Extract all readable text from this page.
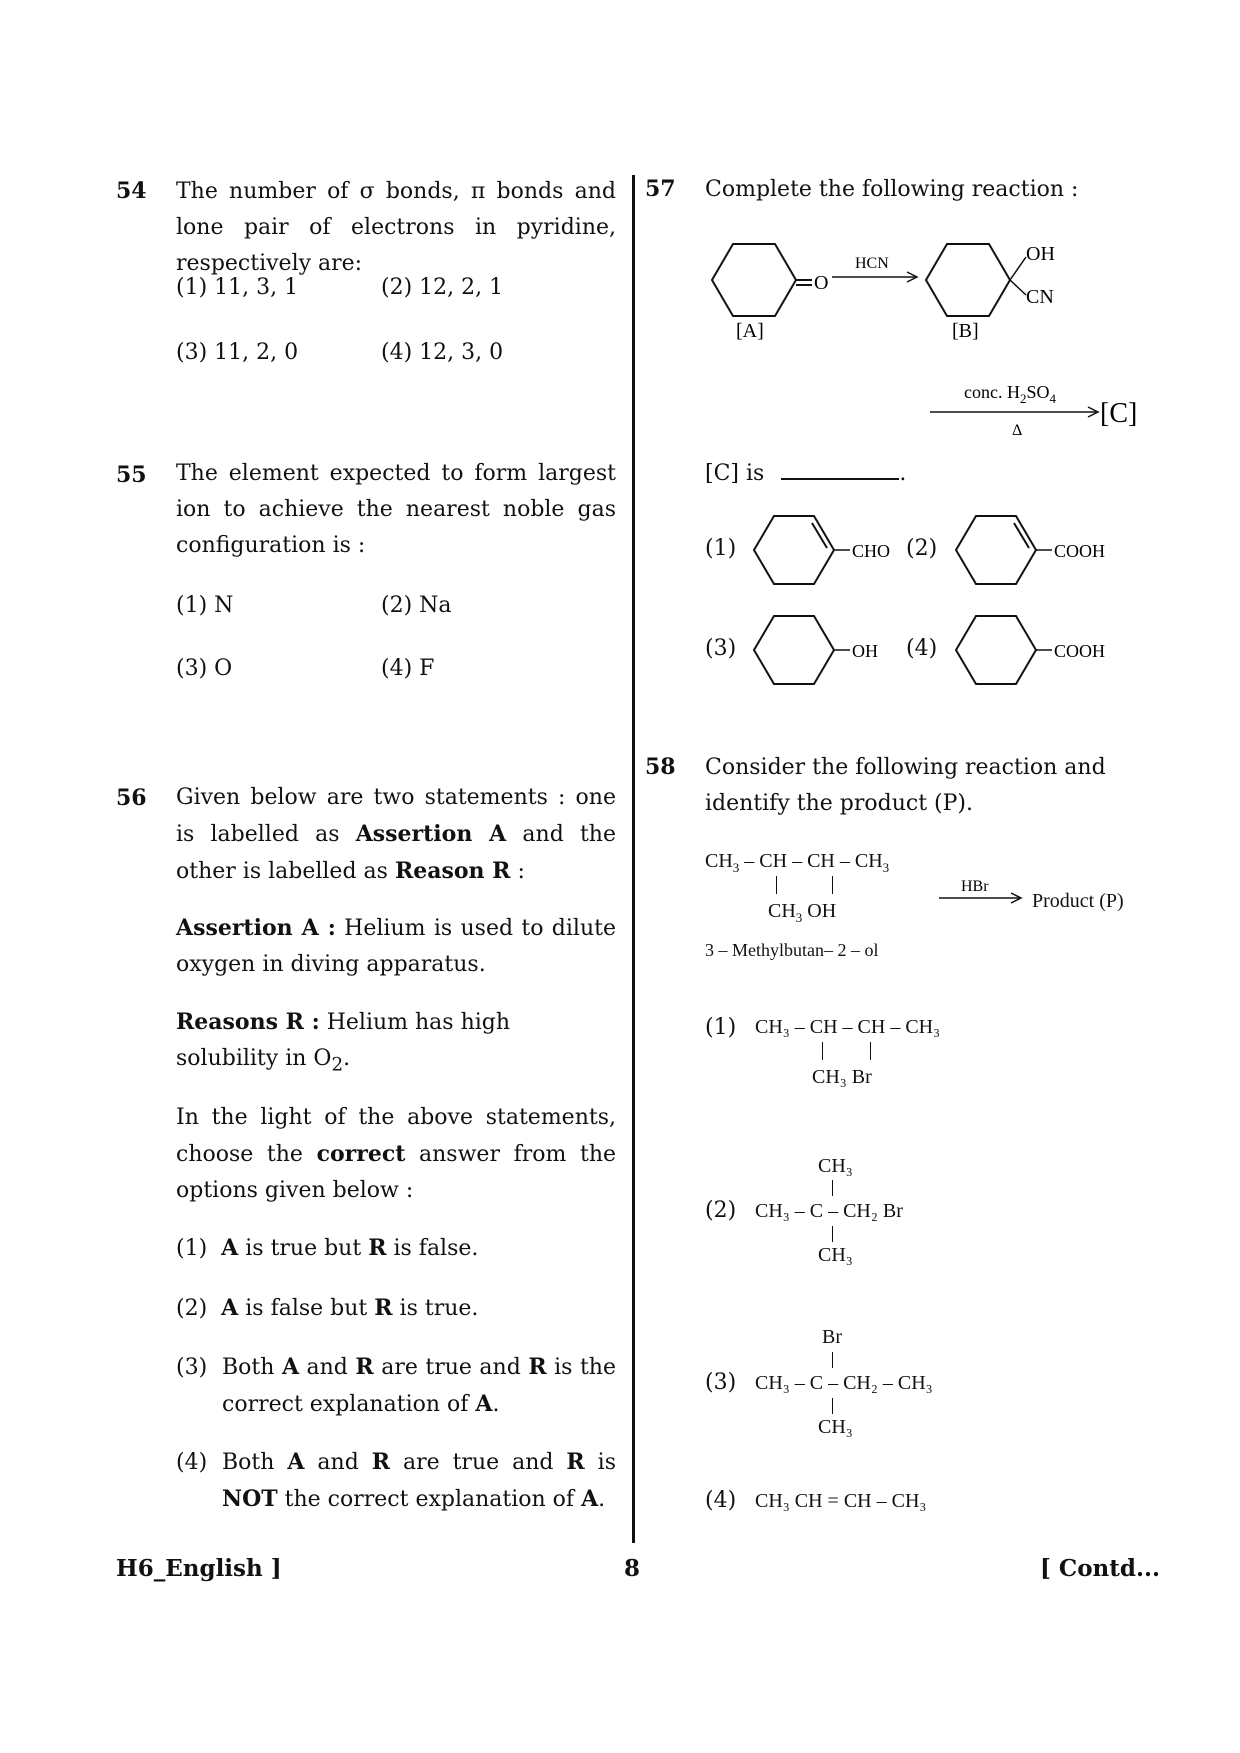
54 The number of σ bonds, π bonds and lone pair of electrons in pyridine, respectively are:
(1) 11, 3, 1	(2) 12, 2, 1
(3) 11, 2, 0	(4) 12, 3, 0
55 The element expected to form largest ion to achieve the nearest noble gas configuration is :
(1) N	(2) Na
(3) O	(4) F
56 Given below are two statements : one is labelled as Assertion A and the other is labelled as Reason R :
Assertion A : Helium is used to dilute oxygen in diving apparatus.
Reasons R : Helium has high solubility in $O_2$.
In the light of the above statements, choose the correct answer from the options given below :
(1) A is true but R is false.
(2) A is false but R is true.
(3) Both A and R are true and R is the correct explanation of A.
(4) Both A and R are true and R is NOT the correct explanation of A.
57 Complete the following reaction :
O
HCN	OH
CN
[A]	[B]
conc. $H_2SO_4$
Δ
[C]
[C] is	.
(1)	CHO (2)	COOH
(3)	OH (4)	COOH
58 Consider the following reaction and identify the product (P).
$CH_3$ – CH – CH – $CH_3$
$CH_3$ OH
3 – Methylbutan– 2 – ol
HBr
Product (P)
(1) CH₃ – CH – CH – CH₃
CH₃ Br
CH₃
(2) CH₃ – C – CH₂ Br
CH₃
Br
(3) CH₃ – C – CH₂ – CH₃
CH₃
(4) CH₃ CH = CH – CH₃
H6_English ]	8	[ Contd...
